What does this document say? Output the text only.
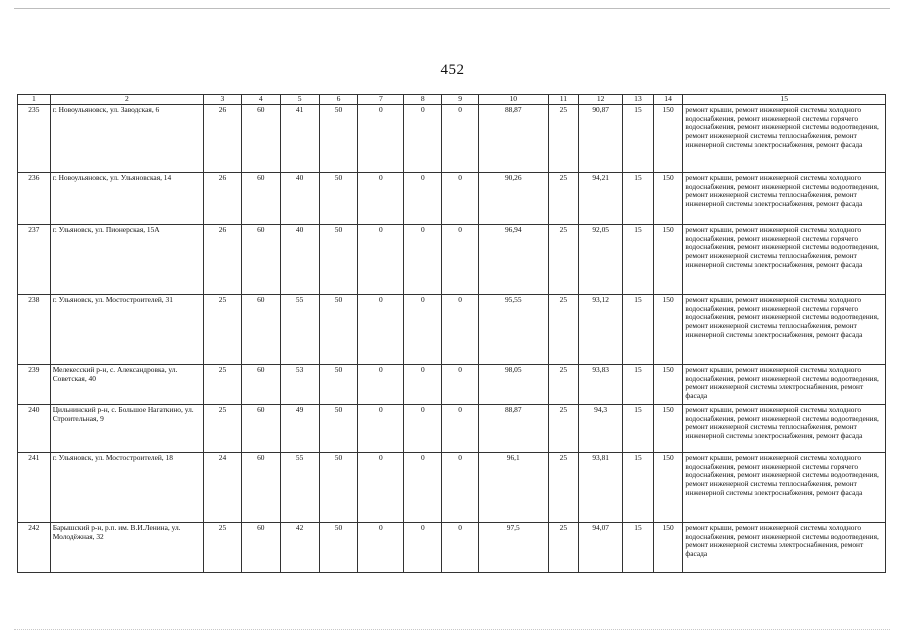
452
1	2	3	4	5	6	7	8	9	10	11	12	13	14	15
235	г. Новоульяновск, ул. Заводская, 6	26	60	41	50	0	0	0	88,87	25	90,87	15	150	ремонт крыши, ремонт инженерной системы холодного водоснабжения, ремонт инженерной системы горячего водоснабжения, ремонт инженерной системы водоотведения, ремонт инженерной системы теплоснабжения, ремонт инженерной системы электроснабжения, ремонт фасада
236	г. Новоульяновск, ул. Ульяновская, 14	26	60	40	50	0	0	0	90,26	25	94,21	15	150	ремонт крыши, ремонт инженерной системы холодного водоснабжения, ремонт инженерной системы водоотведения, ремонт инженерной системы теплоснабжения, ремонт инженерной системы электроснабжения, ремонт фасада
237	г. Ульяновск, ул. Пионерская, 15А	26	60	40	50	0	0	0	96,94	25	92,05	15	150	ремонт крыши, ремонт инженерной системы холодного водоснабжения, ремонт инженерной системы горячего водоснабжения, ремонт инженерной системы водоотведения, ремонт инженерной системы теплоснабжения, ремонт инженерной системы электроснабжения, ремонт фасада
238	г. Ульяновск, ул. Мостостроителей, 31	25	60	55	50	0	0	0	95,55	25	93,12	15	150	ремонт крыши, ремонт инженерной системы холодного водоснабжения, ремонт инженерной системы горячего водоснабжения, ремонт инженерной системы водоотведения, ремонт инженерной системы теплоснабжения, ремонт инженерной системы электроснабжения, ремонт фасада
239	Мелекесский р-н, с. Александровка, ул. Советская, 40	25	60	53	50	0	0	0	98,05	25	93,83	15	150	ремонт крыши, ремонт инженерной системы холодного водоснабжения, ремонт инженерной системы водоотведения, ремонт инженерной системы электроснабжения, ремонт фасада
240	Цильнинский р-н, с. Большое Нагаткино, ул. Строительная, 9	25	60	49	50	0	0	0	88,87	25	94,3	15	150	ремонт крыши, ремонт инженерной системы холодного водоснабжения, ремонт инженерной системы водоотведения, ремонт инженерной системы теплоснабжения, ремонт инженерной системы электроснабжения, ремонт фасада
241	г. Ульяновск, ул. Мостостроителей, 18	24	60	55	50	0	0	0	96,1	25	93,81	15	150	ремонт крыши, ремонт инженерной системы холодного водоснабжения, ремонт инженерной системы горячего водоснабжения, ремонт инженерной системы водоотведения, ремонт инженерной системы теплоснабжения, ремонт инженерной системы электроснабжения, ремонт фасада
242	Барышский р-н, р.п. им. В.И.Ленина, ул. Молодёжная, 32	25	60	42	50	0	0	0	97,5	25	94,07	15	150	ремонт крыши, ремонт инженерной системы холодного водоснабжения, ремонт инженерной системы водоотведения, ремонт инженерной системы электроснабжения, ремонт фасада
